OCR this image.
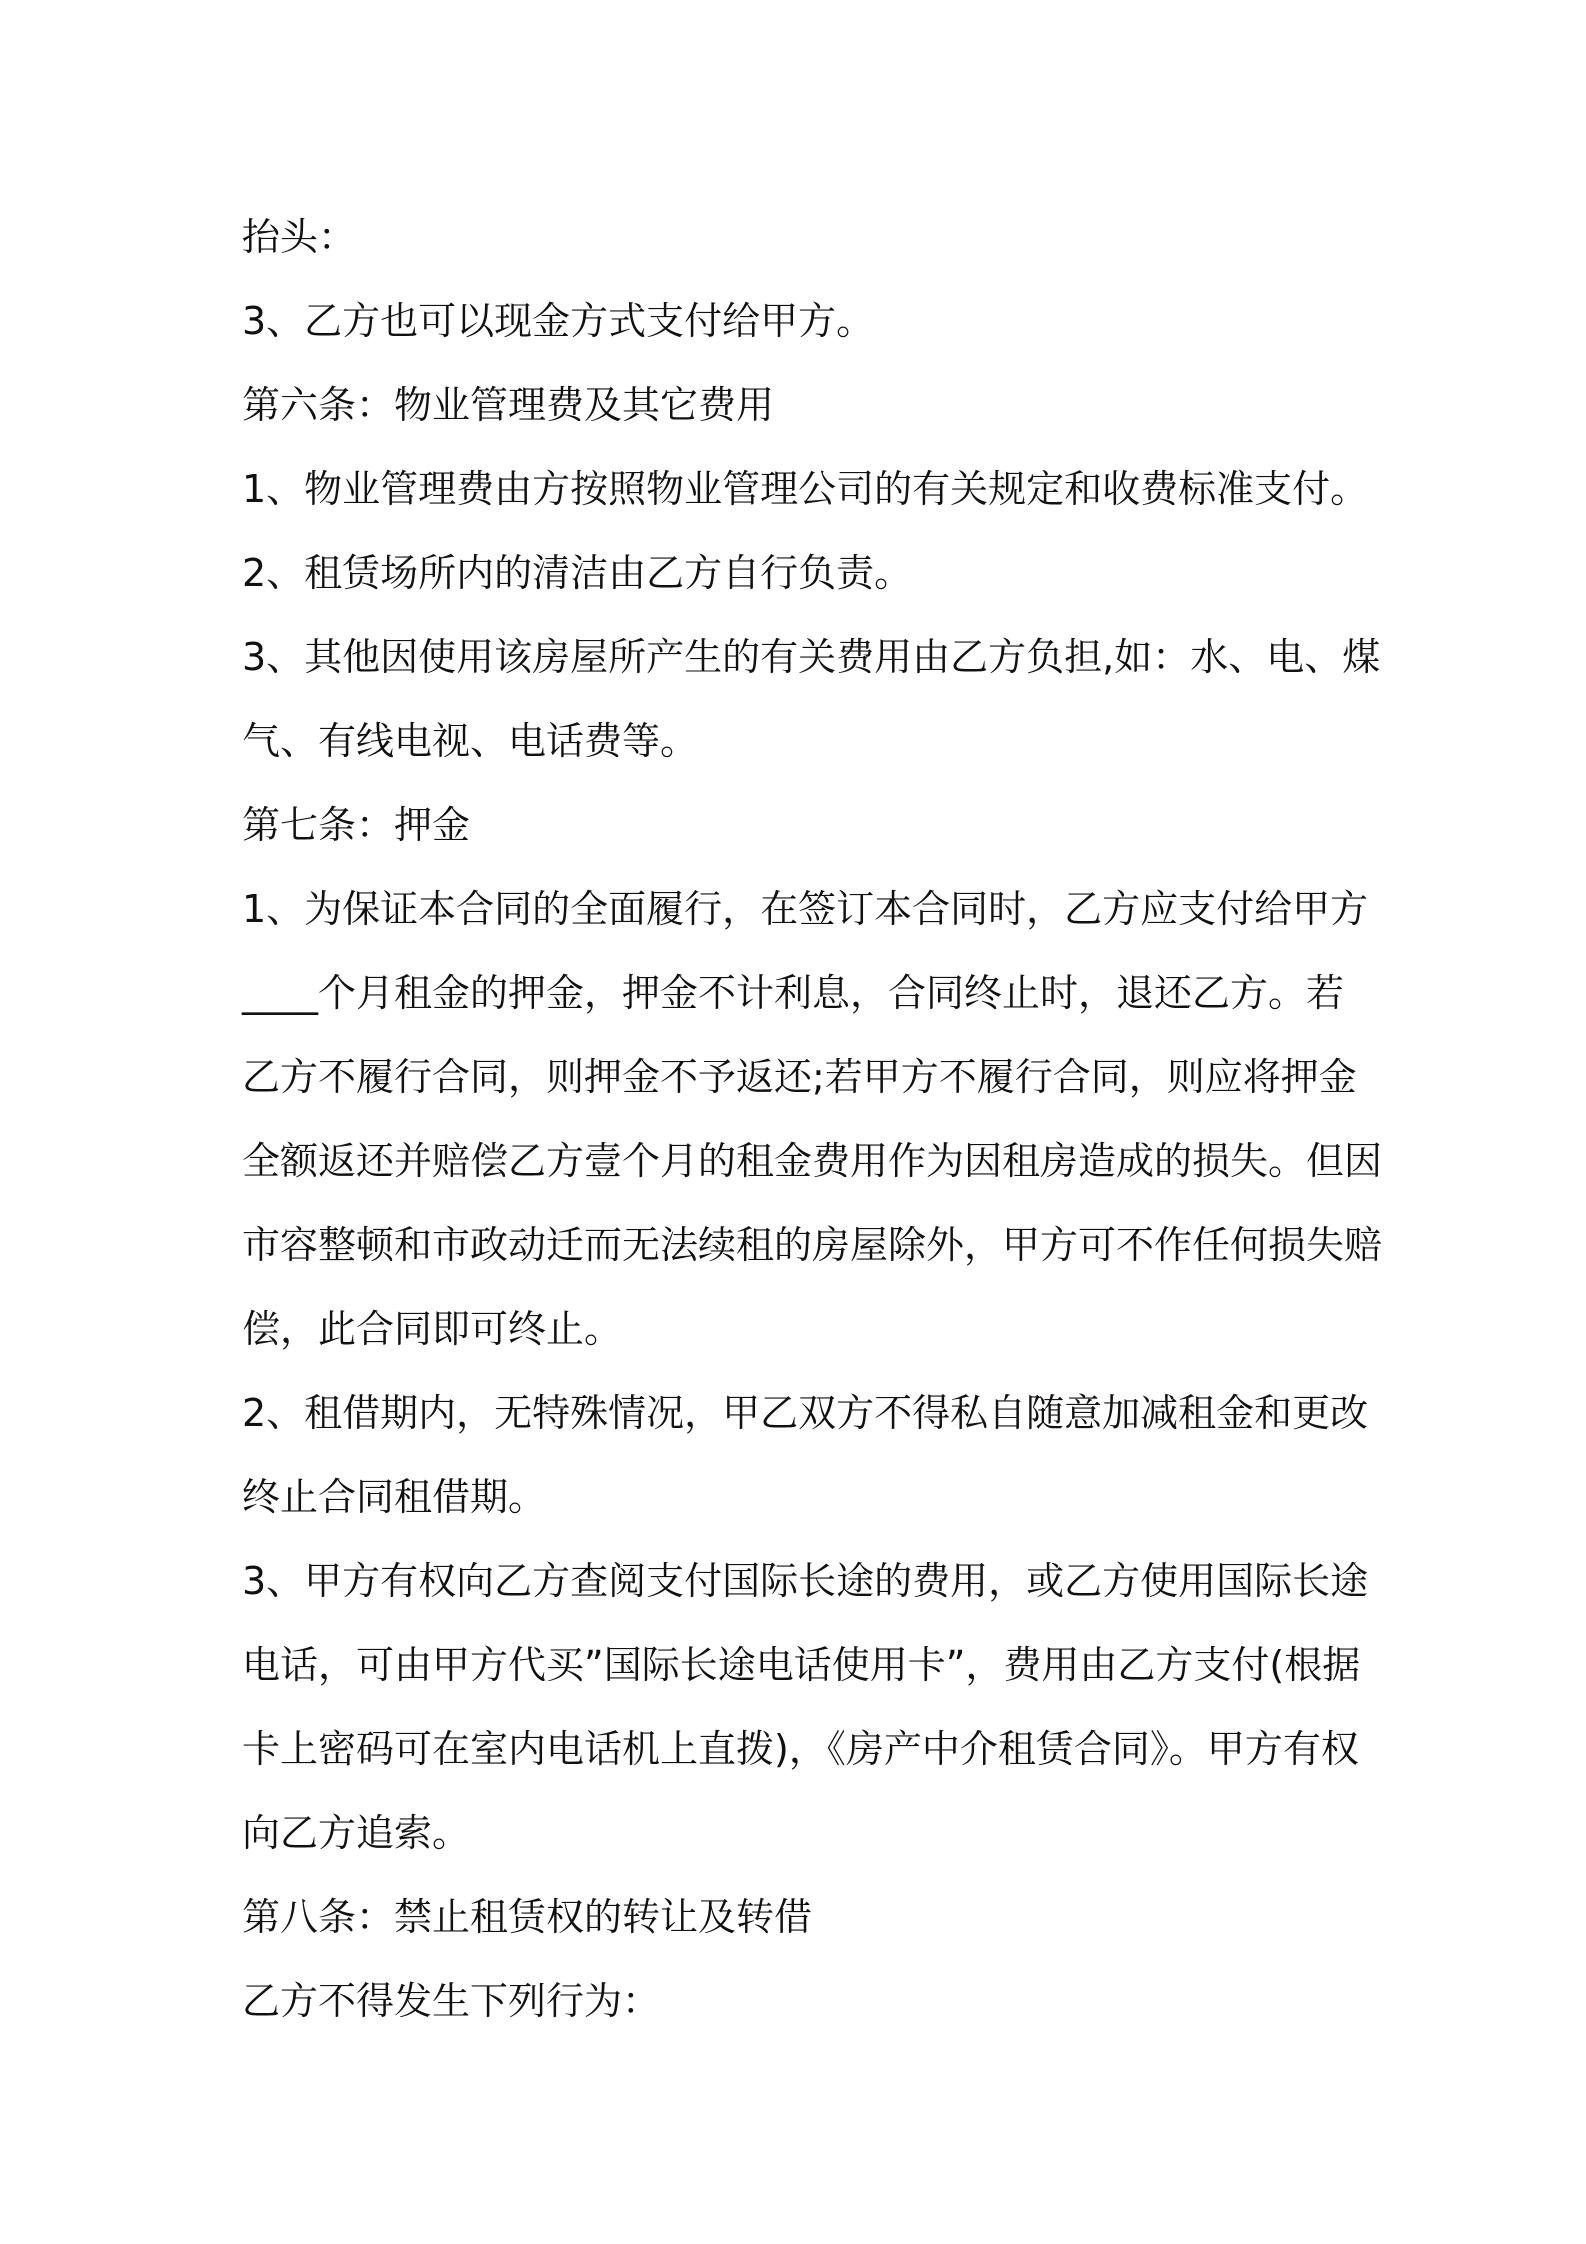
抬头：
3、乙方也可以现金方式支付给甲方。
第六条：物业管理费及其它费用
1、物业管理费由方按照物业管理公司的有关规定和收费标准支付。
2、租赁场所内的清洁由乙方自行负责。
3、其他因使用该房屋所产生的有关费用由乙方负担,如：水、电、煤
气、有线电视、电话费等。
第七条：押金
1、为保证本合同的全面履行，在签订本合同时，乙方应支付给甲方
____个月租金的押金，押金不计利息，合同终止时，退还乙方。若
乙方不履行合同，则押金不予返还;若甲方不履行合同，则应将押金
全额返还并赔偿乙方壹个月的租金费用作为因租房造成的损失。但因
市容整顿和市政动迁而无法续租的房屋除外，甲方可不作任何损失赔
偿，此合同即可终止。
2、租借期内，无特殊情况，甲乙双方不得私自随意加减租金和更改
终止合同租借期。
3、甲方有权向乙方查阅支付国际长途的费用，或乙方使用国际长途
电话，可由甲方代买”国际长途电话使用卡”，费用由乙方支付(根据
卡上密码可在室内电话机上直拨)，《房产中介租赁合同》。甲方有权
向乙方追索。
第八条：禁止租赁权的转让及转借
乙方不得发生下列行为：
